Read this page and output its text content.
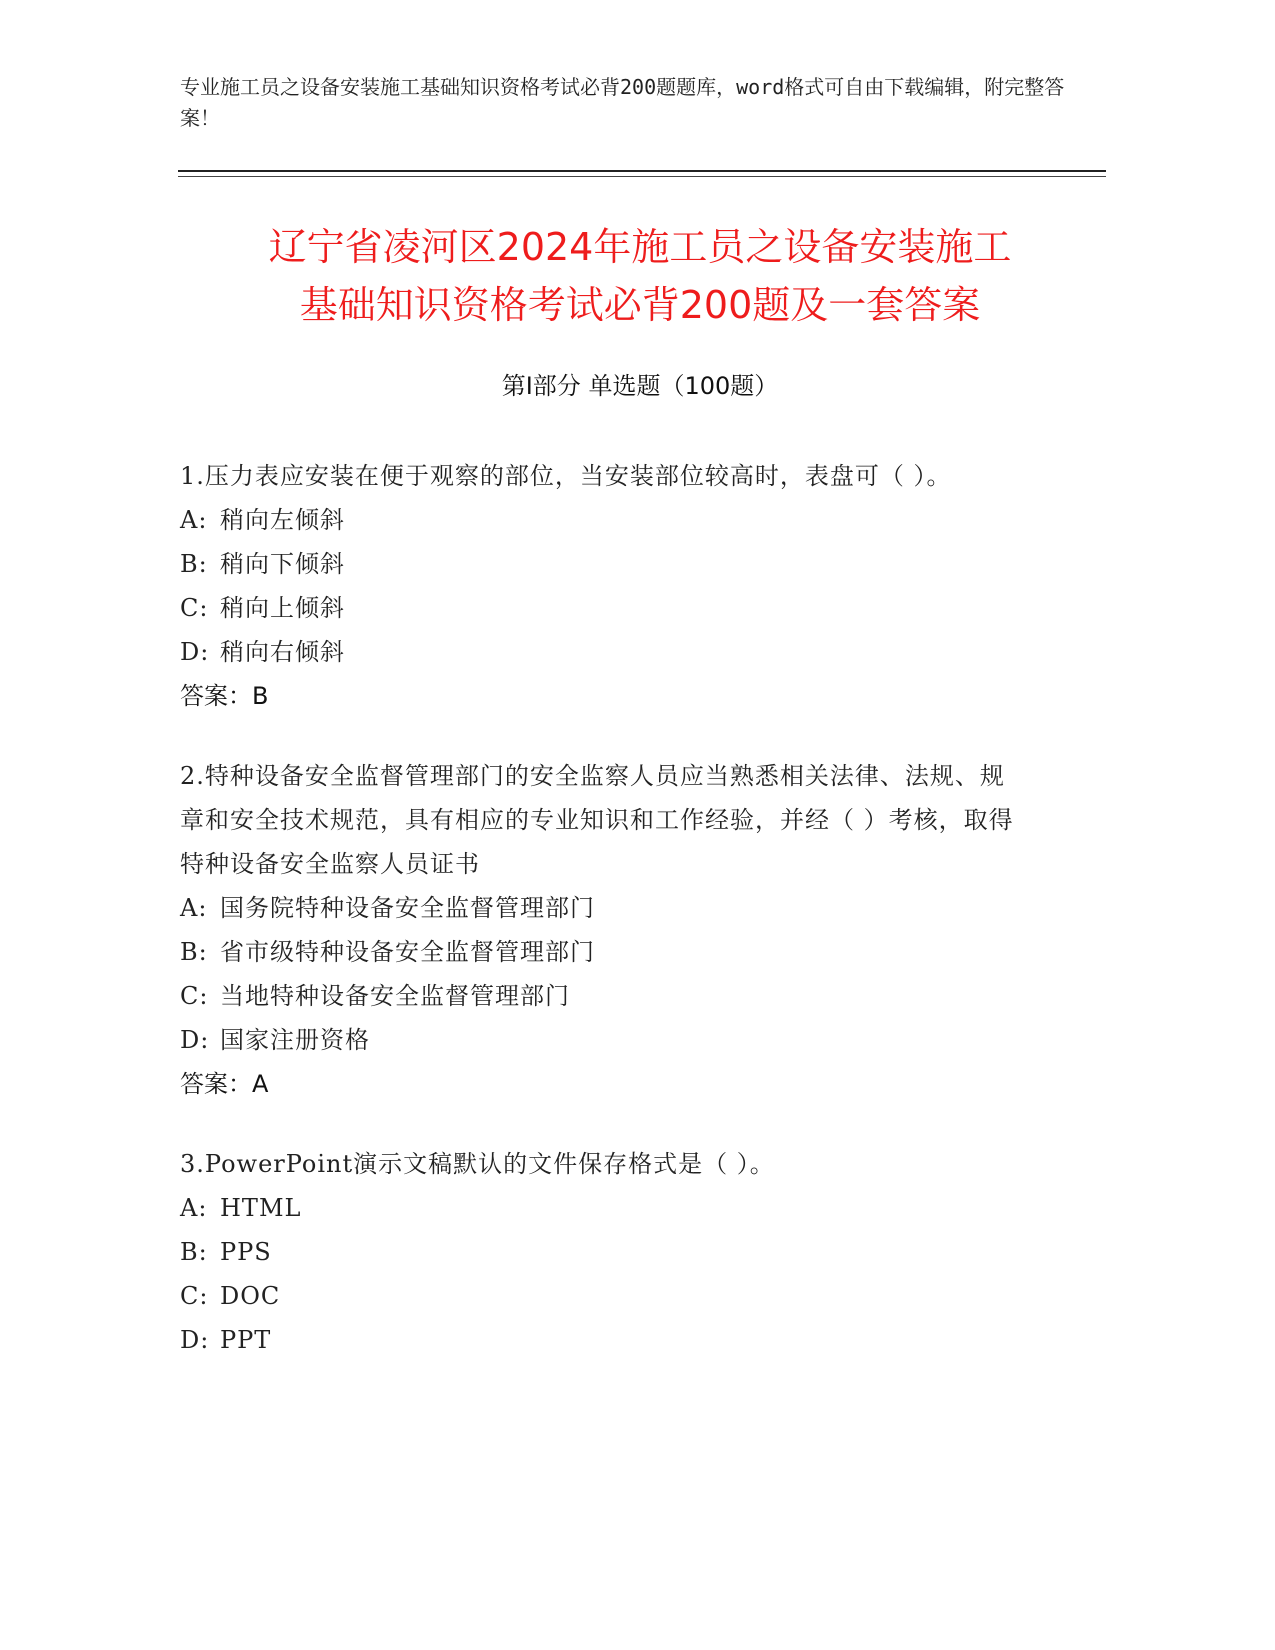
专业施工员之设备安装施工基础知识资格考试必背200题题库，word格式可自由下载编辑，附完整答案！
辽宁省凌河区2024年施工员之设备安装施工
基础知识资格考试必背200题及一套答案
第Ⅰ部分 单选题（100题）
1.压力表应安装在便于观察的部位，当安装部位较高时，表盘可（ ）。
A: 稍向左倾斜
B: 稍向下倾斜
C: 稍向上倾斜
D: 稍向右倾斜
答案：B
2.特种设备安全监督管理部门的安全监察人员应当熟悉相关法律、法规、规章和安全技术规范，具有相应的专业知识和工作经验，并经（ ）考核，取得特种设备安全监察人员证书
A: 国务院特种设备安全监督管理部门
B: 省市级特种设备安全监督管理部门
C: 当地特种设备安全监督管理部门
D: 国家注册资格
答案：A
3.PowerPoint演示文稿默认的文件保存格式是（ ）。
A: HTML
B: PPS
C: DOC
D: PPT
